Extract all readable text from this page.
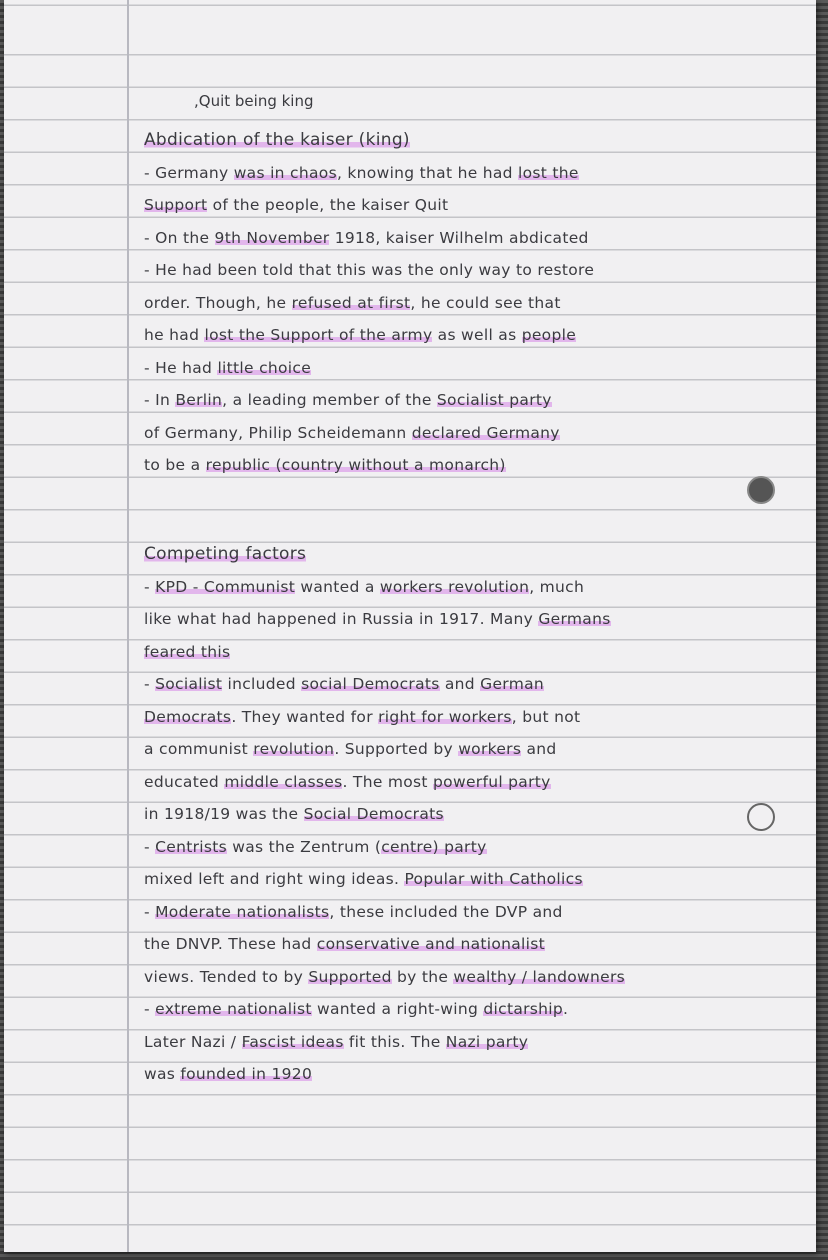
,Quit being king
Abdication of the kaiser (king)
- Germany was in chaos, knowing that he had lost the
Support of the people, the kaiser Quit
- On the 9th November 1918, kaiser Wilhelm abdicated
- He had been told that this was the only way to restore
order. Though, he refused at first, he could see that
he had lost the Support of the army as well as people
- He had little choice
- In Berlin, a leading member of the Socialist party
of Germany, Philip Scheidemann declared Germany
to be a republic (country without a monarch)
Competing factors
- KPD - Communist wanted a workers revolution, much
like what had happened in Russia in 1917. Many Germans
feared this
- Socialist included social Democrats and German
Democrats. They wanted for right for workers, but not
a communist revolution. Supported by workers and
educated middle classes. The most powerful party
in 1918/19 was the Social Democrats
- Centrists was the Zentrum (centre) party
mixed left and right wing ideas. Popular with Catholics
- Moderate nationalists, these included the DVP and
the DNVP. These had conservative and nationalist
views. Tended to by Supported by the wealthy / landowners
- extreme nationalist wanted a right-wing dictarship.
Later Nazi / Fascist ideas fit this. The Nazi party
was founded in 1920
